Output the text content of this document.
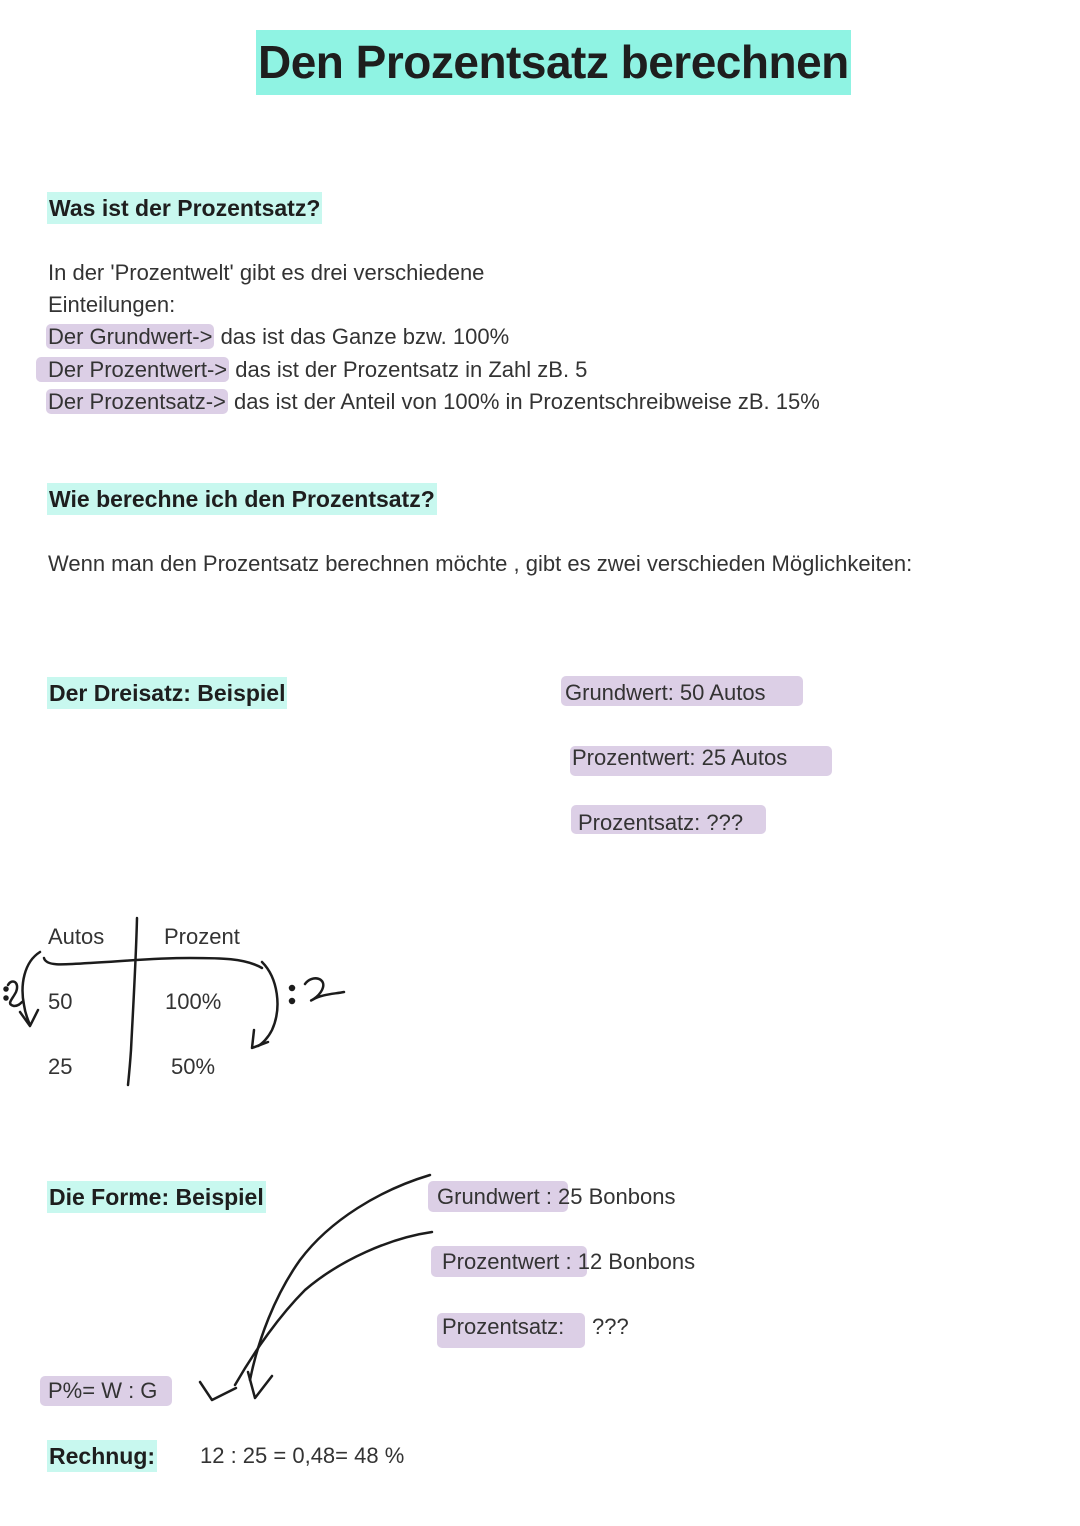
Den Prozentsatz berechnen
Was ist der Prozentsatz?
In der 'Prozentwelt' gibt es drei verschiedene
Einteilungen:
Der Grundwert-> das ist das Ganze bzw. 100%
Der Prozentwert-> das ist der Prozentsatz in Zahl zB. 5
Der Prozentsatz-> das ist der Anteil von 100% in Prozentschreibweise zB. 15%
Wie berechne ich den Prozentsatz?
Wenn man den Prozentsatz berechnen möchte , gibt es zwei verschieden Möglichkeiten:
Der Dreisatz: Beispiel	Grundwert: 50 Autos
Prozentwert: 25 Autos
Prozentsatz: ???
Autos	Prozent
50	100%
25	50%
Die Forme: Beispiel	Grundwert : 25 Bonbons
Prozentwert : 12 Bonbons
Prozentsatz: ???
P%= W : G
Rechnug: 12 : 25 = 0,48= 48 %
